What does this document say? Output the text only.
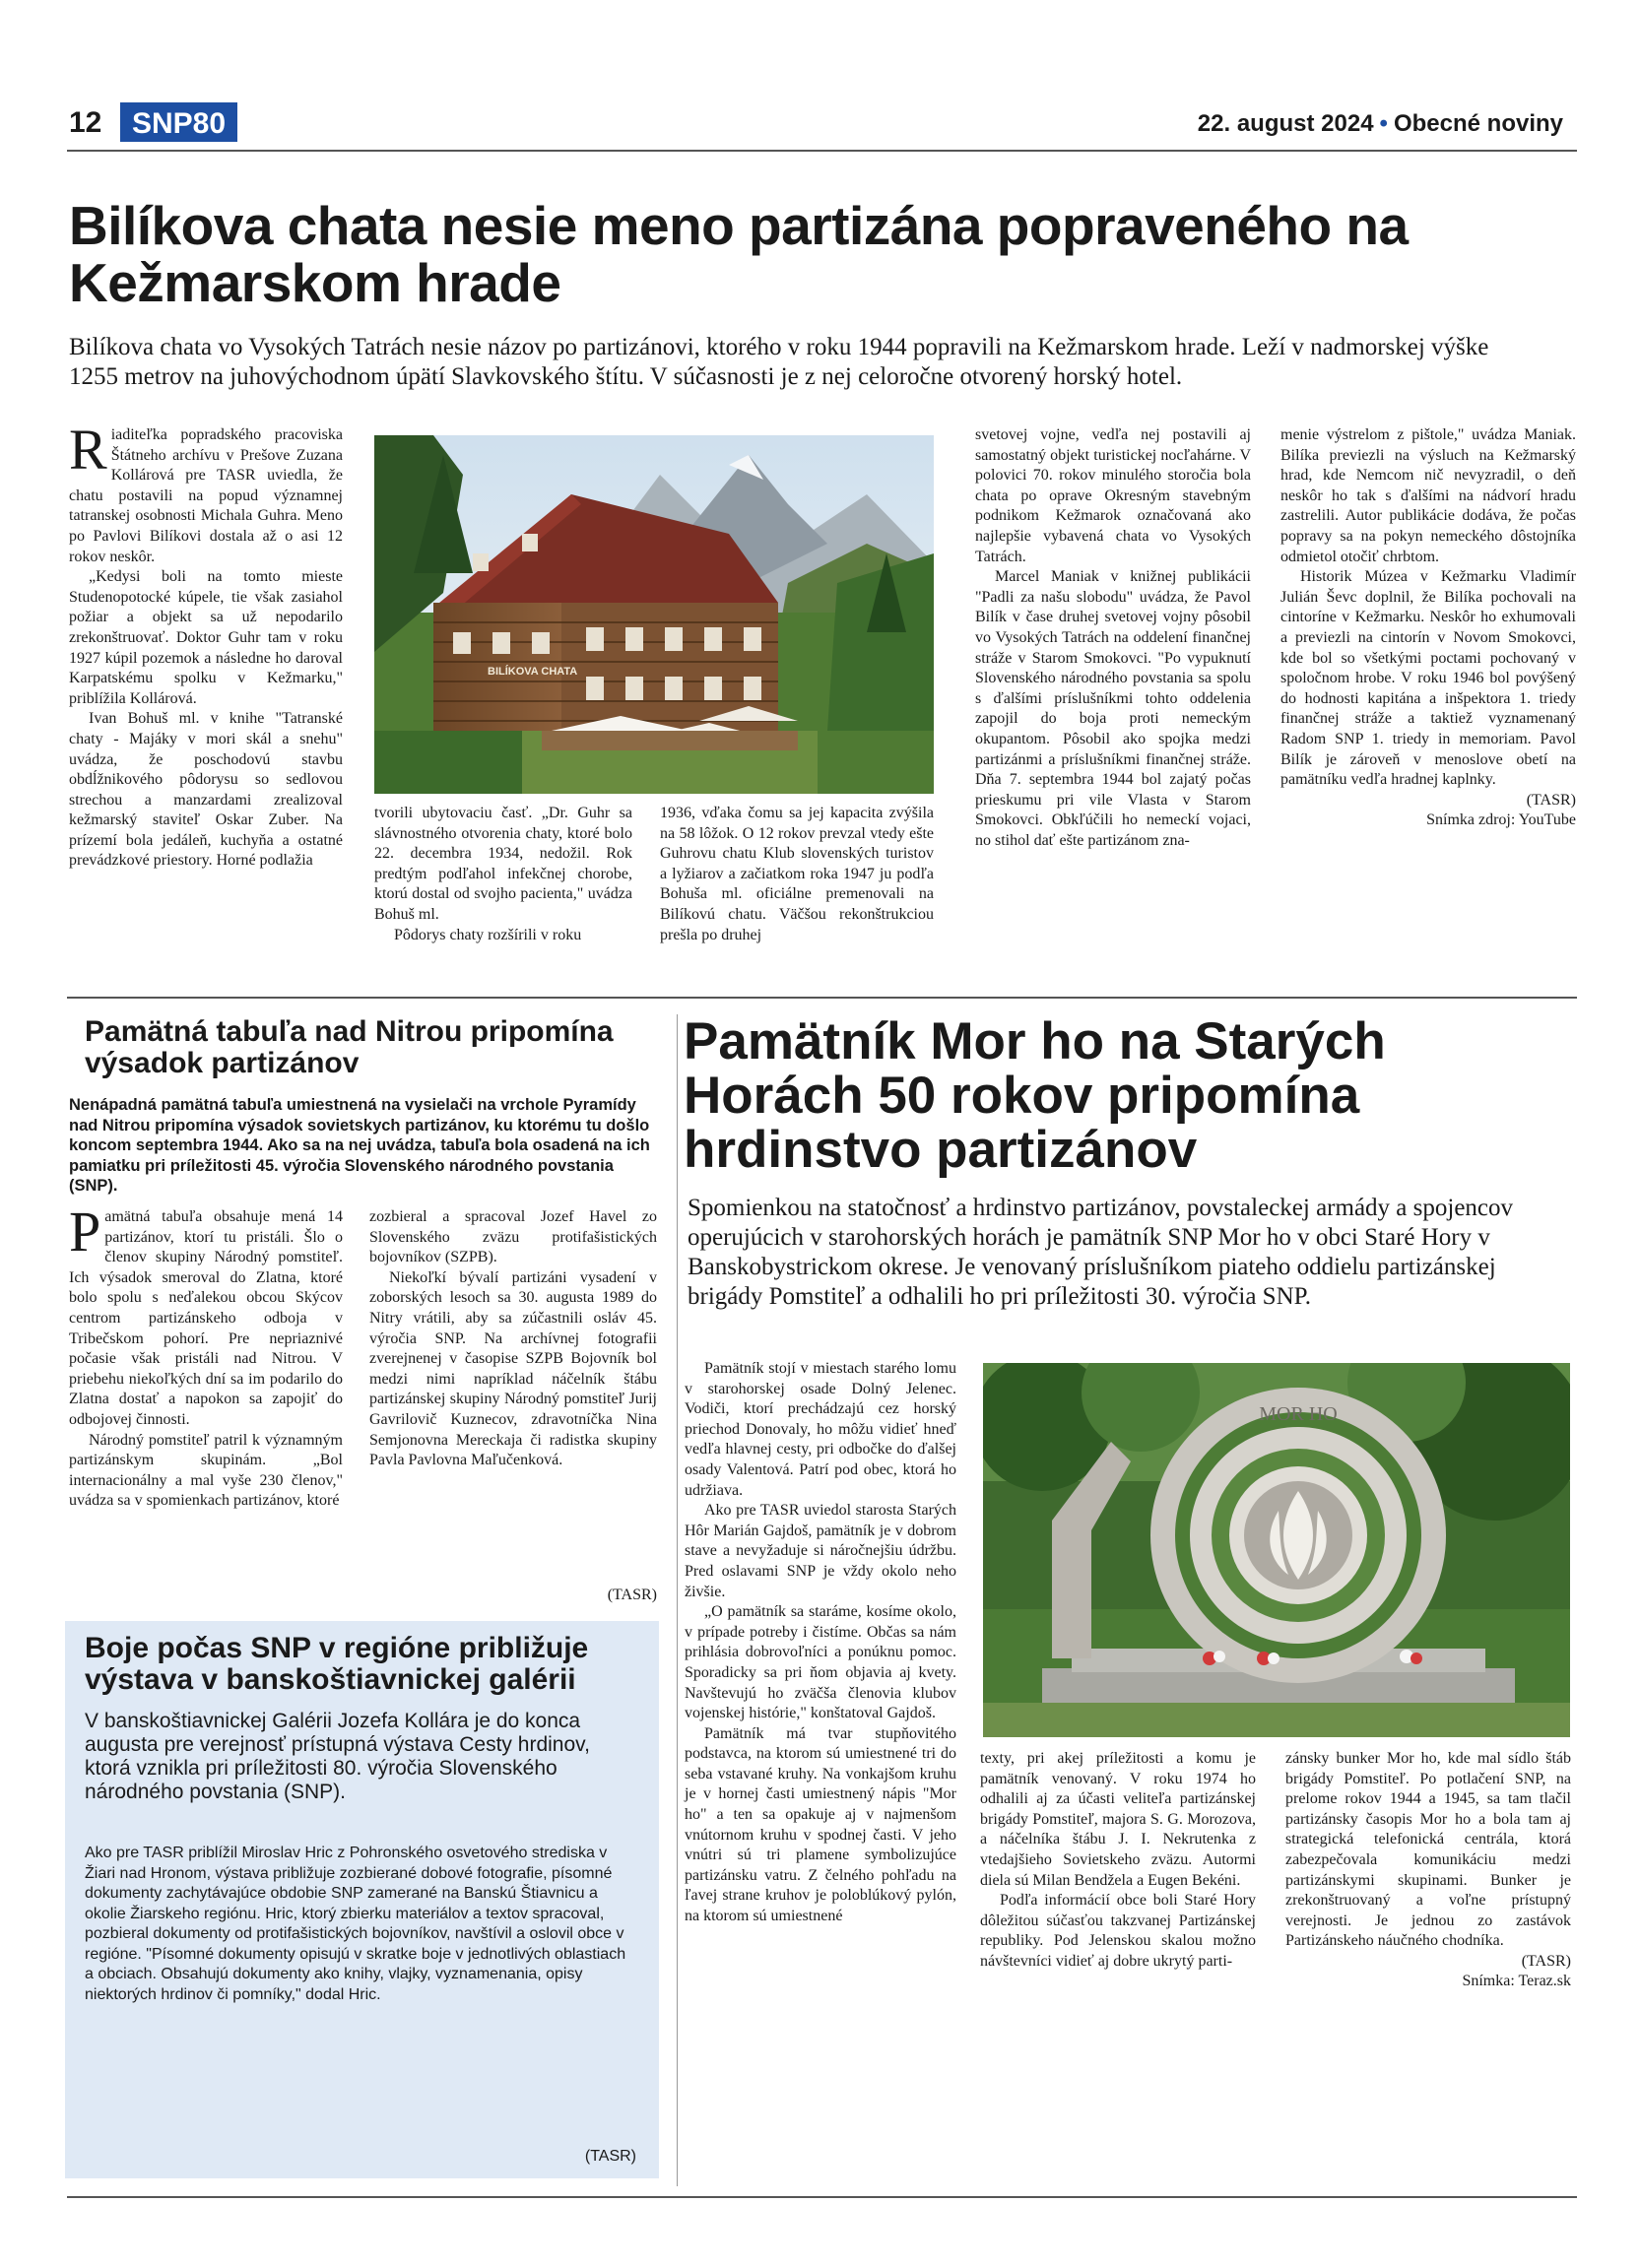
12	SNP80	22. august 2024 • Obecné noviny
Bilíkova chata nesie meno partizána popraveného na Kežmarskom hrade

Bilíkova chata vo Vysokých Tatrách nesie názov po partizánovi, ktorého v roku 1944 popravili na Kežmarskom hrade. Leží v nadmorskej výške 1255 metrov na juhovýchodnom úpätí Slavkovského štítu. V súčasnosti je z nej celoročne otvorený horský hotel.

Riaditeľka popradského pracoviska Štátneho archívu v Prešove Zuzana Kollárová pre TASR uviedla, že chatu postavili na popud významnej tatranskej osobnosti Michala Guhra. Meno po Pavlovi Bilíkovi dostala až o asi 12 rokov neskôr.

„Kedysi boli na tomto mieste Studenopotocké kúpele, tie však zasiahol požiar a objekt sa už nepodarilo zrekonštruovať. Doktor Guhr tam v roku 1927 kúpil pozemok a následne ho daroval Karpatskému spolku v Kežmarku," priblížila Kollárová.

Ivan Bohuš ml. v knihe "Tatranské chaty - Majáky v mori skál a snehu" uvádza, že poschodovú stavbu obdĺžnikového pôdorysu so sedlovou strechou a manzardami zrealizoval kežmarský staviteľ Oskar Zuber. Na prízemí bola jedáleň, kuchyňa a ostatné prevádzkové priestory. Horné podlažia

BILÍKOVA CHATA

tvorili ubytovaciu časť. „Dr. Guhr sa slávnostného otvorenia chaty, ktoré bolo 22. decembra 1934, nedožil. Rok predtým podľahol infekčnej chorobe, ktorú dostal od svojho pacienta," uvádza Bohuš ml.

Pôdorys chaty rozšírili v roku

1936, vďaka čomu sa jej kapacita zvýšila na 58 lôžok. O 12 rokov prevzal vtedy ešte Guhrovu chatu Klub slovenských turistov a lyžiarov a začiatkom roka 1947 ju podľa Bohuša ml. oficiálne premenovali na Bilíkovú chatu. Väčšou rekonštrukciou prešla po druhej

svetovej vojne, vedľa nej postavili aj samostatný objekt turistickej nocľahárne. V polovici 70. rokov minulého storočia bola chata po oprave Okresným stavebným podnikom Kežmarok označovaná ako najlepšie vybavená chata vo Vysokých Tatrách.

Marcel Maniak v knižnej publikácii "Padli za našu slobodu" uvádza, že Pavol Bilík v čase druhej svetovej vojny pôsobil vo Vysokých Tatrách na oddelení finančnej stráže v Starom Smokovci. "Po vypuknutí Slovenského národného povstania sa spolu s ďalšími príslušníkmi tohto oddelenia zapojil do boja proti nemeckým okupantom. Pôsobil ako spojka medzi partizánmi a príslušníkmi finančnej stráže. Dňa 7. septembra 1944 bol zajatý počas prieskumu pri vile Vlasta v Starom Smokovci. Obkľúčili ho nemeckí vojaci, no stihol dať ešte partizánom zna-

menie výstrelom z pištole," uvádza Maniak. Bilíka previezli na výsluch na Kežmarský hrad, kde Nemcom nič nevyzradil, o deň neskôr ho tak s ďalšími na nádvorí hradu zastrelili. Autor publikácie dodáva, že počas popravy sa na pokyn nemeckého dôstojníka odmietol otočiť chrbtom.

Historik Múzea v Kežmarku Vladimír Julián Ševc doplnil, že Bilíka pochovali na cintoríne v Kežmarku. Neskôr ho exhumovali a previezli na cintorín v Novom Smokovci, kde bol so všetkými poctami pochovaný v spoločnom hrobe. V roku 1946 bol povýšený do hodnosti kapitána a inšpektora 1. triedy finančnej stráže a taktiež vyznamenaný Radom SNP 1. triedy in memoriam. Pavol Bilík je zároveň v menoslove obetí na pamätníku vedľa hradnej kaplnky.

(TASR)
Snímka zdroj: YouTube
Pamätná tabuľa nad Nitrou pripomína výsadok partizánov

Nenápadná pamätná tabuľa umiestnená na vysielači na vrchole Pyramídy nad Nitrou pripomína výsadok sovietskych partizánov, ku ktorému tu došlo koncom septembra 1944. Ako sa na nej uvádza, tabuľa bola osadená na ich pamiatku pri príležitosti 45. výročia Slovenského národného povstania (SNP).

Pamätná tabuľa obsahuje mená 14 partizánov, ktorí tu pristáli. Šlo o členov skupiny Národný pomstiteľ. Ich výsadok smeroval do Zlatna, ktoré bolo spolu s neďalekou obcou Skýcov centrom partizánskeho odboja v Tribečskom pohorí. Pre nepriaznivé počasie však pristáli nad Nitrou. V priebehu niekoľkých dní sa im podarilo do Zlatna dostať a napokon sa zapojiť do odbojovej činnosti.

Národný pomstiteľ patril k významným partizánskym skupinám. „Bol internacionálny a mal vyše 230 členov," uvádza sa v spomienkach partizánov, ktoré

zozbieral a spracoval Jozef Havel zo Slovenského zväzu protifašistických bojovníkov (SZPB).

Niekoľkí bývalí partizáni vysadení v zoborských lesoch sa 30. augusta 1989 do Nitry vrátili, aby sa zúčastnili osláv 45. výročia SNP. Na archívnej fotografii zverejnenej v časopise SZPB Bojovník bol medzi nimi napríklad náčelník štábu partizánskej skupiny Národný pomstiteľ Jurij Gavrilovič Kuznecov, zdravotníčka Nina Semjonovna Mereckaja či radistka skupiny Pavla Pavlovna Maľučenková.

(TASR)
Boje počas SNP v regióne približuje výstava v banskoštiavnickej galérii

V banskoštiavnickej Galérii Jozefa Kollára je do konca augusta pre verejnosť prístupná výstava Cesty hrdinov, ktorá vznikla pri príležitosti 80. výročia Slovenského národného povstania (SNP).

Ako pre TASR priblížil Miroslav Hric z Pohronského osvetového strediska v Žiari nad Hronom, výstava približuje zozbierané dobové fotografie, písomné dokumenty zachytávajúce obdobie SNP zamerané na Banskú Štiavnicu a okolie Žiarskeho regiónu. Hric, ktorý zbierku materiálov a textov spracoval, pozbieral dokumenty od protifašistických bojovníkov, navštívil a oslovil obce v regióne. "Písomné dokumenty opisujú v skratke boje v jednotlivých oblastiach a obciach. Obsahujú dokumenty ako knihy, vlajky, vyznamenania, opisy niektorých hrdinov či pomníky," dodal Hric.

(TASR)
Pamätník Mor ho na Starých Horách 50 rokov pripomína hrdinstvo partizánov

Spomienkou na statočnosť a hrdinstvo partizánov, povstaleckej armády a spojencov operujúcich v starohorských horách je pamätník SNP Mor ho v obci Staré Hory v Banskobystrickom okrese. Je venovaný príslušníkom piateho oddielu partizánskej brigády Pomstiteľ a odhalili ho pri príležitosti 30. výročia SNP.

Pamätník stojí v miestach starého lomu v starohorskej osade Dolný Jelenec. Vodiči, ktorí prechádzajú cez horský priechod Donovaly, ho môžu vidieť hneď vedľa hlavnej cesty, pri odbočke do ďalšej osady Valentová. Patrí pod obec, ktorá ho udržiava.

Ako pre TASR uviedol starosta Starých Hôr Marián Gajdoš, pamätník je v dobrom stave a nevyžaduje si náročnejšiu údržbu. Pred oslavami SNP je vždy okolo neho živšie.

„O pamätník sa staráme, kosíme okolo, v prípade potreby i čistíme. Občas sa nám prihlásia dobrovoľníci a ponúknu pomoc. Sporadicky sa pri ňom objavia aj kvety. Navštevujú ho zväčša členovia klubov vojenskej histórie," konštatoval Gajdoš.

Pamätník má tvar stupňovitého podstavca, na ktorom sú umiestnené tri do seba vstavané kruhy. Na vonkajšom kruhu je v hornej časti umiestnený nápis "Mor ho" a ten sa opakuje aj v najmenšom vnútornom kruhu v spodnej časti. V jeho vnútri sú tri plamene symbolizujúce partizánsku vatru. Z čelného pohľadu na ľavej strane kruhov je poloblúkový pylón, na ktorom sú umiestnené

MOR HO

texty, pri akej príležitosti a komu je pamätník venovaný. V roku 1974 ho odhalili aj za účasti veliteľa partizánskej brigády Pomstiteľ, majora S. G. Morozova, a náčelníka štábu J. I. Nekrutenka z vtedajšieho Sovietskeho zväzu. Autormi diela sú Milan Bendžela a Eugen Bekéni.

Podľa informácií obce boli Staré Hory dôležitou súčasťou takzvanej Partizánskej republiky. Pod Jelenskou skalou možno návštevníci vidieť aj dobre ukrytý parti-

zánsky bunker Mor ho, kde mal sídlo štáb brigády Pomstiteľ. Po potlačení SNP, na prelome rokov 1944 a 1945, sa tam tlačil partizánsky časopis Mor ho a bola tam aj strategická telefonická centrála, ktorá zabezpečovala komunikáciu medzi partizánskymi skupinami. Bunker je zrekonštruovaný a voľne prístupný verejnosti. Je jednou zo zastávok Partizánskeho náučného chodníka.

(TASR)
Snímka: Teraz.sk
